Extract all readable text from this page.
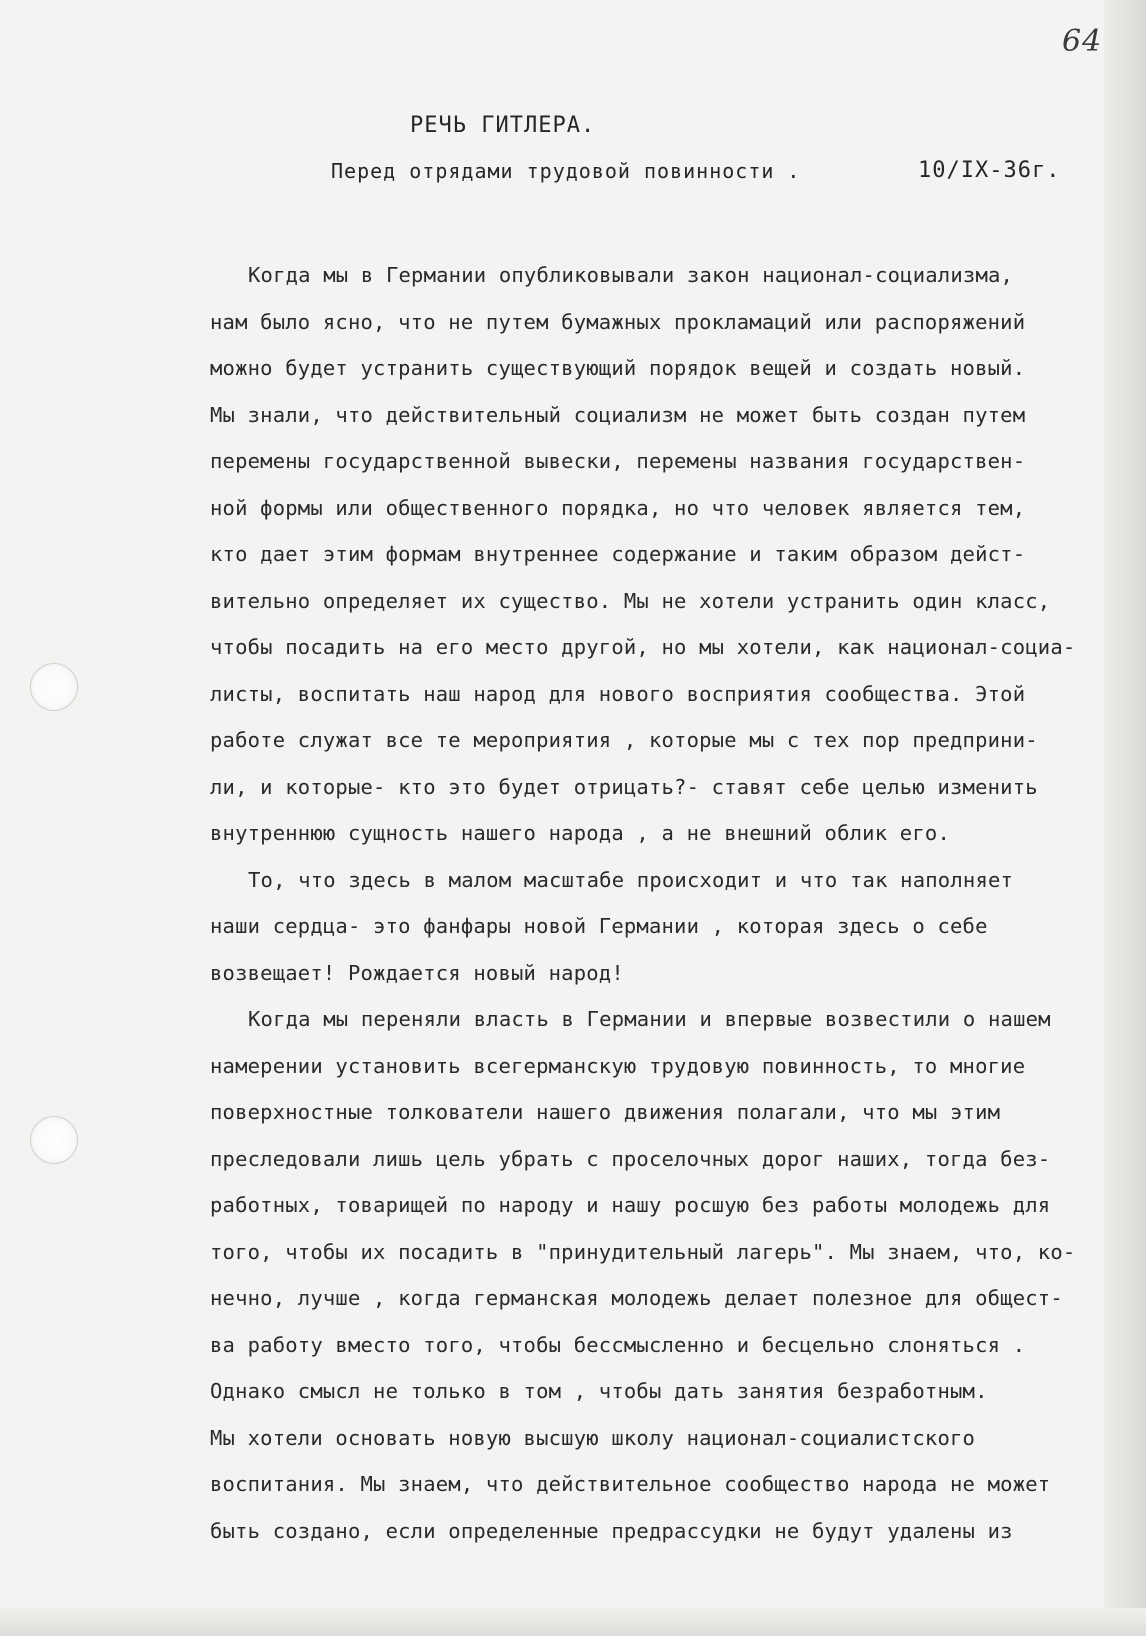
64
РЕЧЬ ГИТЛЕРА.
Перед отрядами трудовой повинности .	10/IX-36г.
Когда мы в Германии опубликовывали закон национал-социализма,
нам было ясно, что не путем бумажных прокламаций или распоряжений
можно будет устранить существующий порядок вещей и создать новый.
Мы знали, что действительный социализм не может быть создан путем
перемены государственной вывески, перемены названия государствен-
ной формы или общественного порядка, но что человек является тем,
кто дает этим формам внутреннее содержание и таким образом дейст-
вительно определяет их существо. Мы не хотели устранить один класс,
чтобы посадить на его место другой, но мы хотели, как национал-социа-
листы, воспитать наш народ для нового восприятия сообщества. Этой
работе служат все те мероприятия , которые мы с тех пор предприни-
ли, и которые- кто это будет отрицать?- ставят себе целью изменить
внутреннюю сущность нашего народа , а не внешний облик его.
То, что здесь в малом масштабе происходит и что так наполняет
наши сердца- это фанфары новой Германии , которая здесь о себе
возвещает! Рождается новый народ!
Когда мы переняли власть в Германии и впервые возвестили о нашем
намерении установить всегерманскую трудовую повинность, то многие
поверхностные толкователи нашего движения полагали, что мы этим
преследовали лишь цель убрать с проселочных дорог наших, тогда без-
работных, товарищей по народу и нашу росшую без работы молодежь для
того, чтобы их посадить в "принудительный лагерь". Мы знаем, что, ко-
нечно, лучше , когда германская молодежь делает полезное для общест-
ва работу вместо того, чтобы бессмысленно и бесцельно слоняться .
Однако смысл не только в том , чтобы дать занятия безработным.
Мы хотели основать новую высшую школу национал-социалистского
воспитания. Мы знаем, что действительное сообщество народа не может
быть создано, если определенные предрассудки не будут удалены из
